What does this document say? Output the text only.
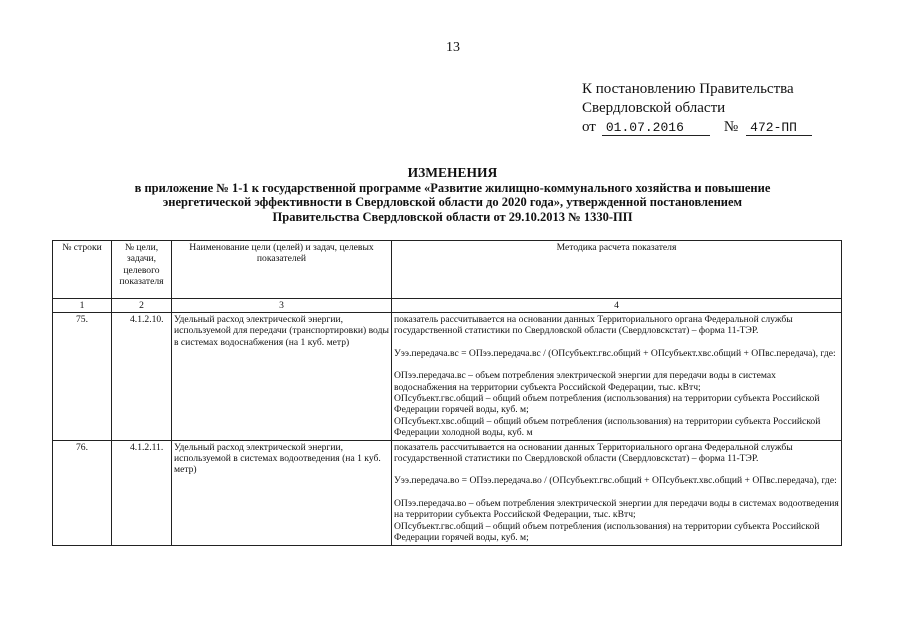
13
К постановлению Правительства
Свердловской области
от 01.07.2016	№ 472-ПП
ИЗМЕНЕНИЯ
в приложение № 1-1 к государственной программе «Развитие жилищно-коммунального хозяйства и повышение
энергетической эффективности в Свердловской области до 2020 года», утвержденной постановлением
Правительства Свердловской области от 29.10.2013 № 1330-ПП
№ строки	№ цели, задачи, целевого показателя	Наименование цели (целей) и задач, целевых показателей	Методика расчета показателя
1	2	3	4
75.	4.1.2.10.	Удельный расход электрической энергии, используемой для передачи (транспортировки) воды в системах водоснабжения (на 1 куб. метр)	показатель рассчитывается на основании данных Территориального органа Федеральной службы государственной статистики по Свердловской области (Свердловскстат) – форма 11-ТЭР.
Уээ.передача.вс = ОПээ.передача.вс / (ОПсубъект.гвс.общий + ОПсубъект.хвс.общий + ОПвс.передача), где:
ОПээ.передача.вс – объем потребления электрической энергии для передачи воды в системах водоснабжения на территории субъекта Российской Федерации, тыс. кВтч;
ОПсубъект.гвс.общий – общий объем потребления (использования) на территории субъекта Российской Федерации горячей воды, куб. м;
ОПсубъект.хвс.общий – общий объем потребления (использования) на территории субъекта Российской Федерации холодной воды, куб. м

76.	4.1.2.11.	Удельный расход электрической энергии, используемой в системах водоотведения (на 1 куб. метр)	показатель рассчитывается на основании данных Территориального органа Федеральной службы государственной статистики по Свердловской области (Свердловскстат) – форма 11-ТЭР.
Уээ.передача.во = ОПээ.передача.во / (ОПсубъект.гвс.общий + ОПсубъект.хвс.общий + ОПвс.передача), где:
ОПээ.передача.во – объем потребления электрической энергии для передачи воды в системах водоотведения на территории субъекта Российской Федерации, тыс. кВтч;
ОПсубъект.гвс.общий – общий объем потребления (использования) на территории субъекта Российской Федерации горячей воды, куб. м;
